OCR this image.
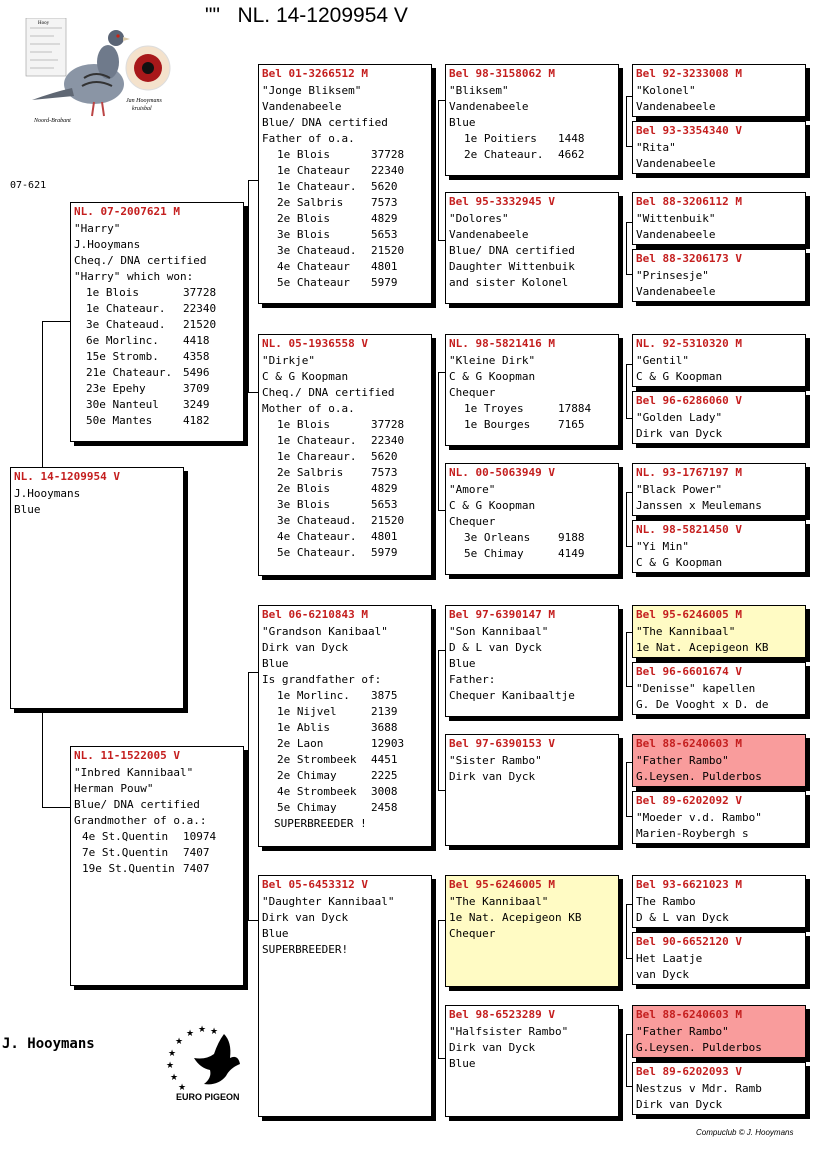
"" NL. 14-1209954 V
07-621
Jan Hooymans
kruisbal
Noord-Brabant
Hooy
NL. 14-1209954 V
J.Hooymans
Blue
NL. 07-2007621 M
"Harry"
J.Hooymans
Cheq./ DNA certified
"Harry" which won:
1e Blois	37728
1e Chateaur. 22340
3e Chateaud. 21520
6e Morlinc. 4418
15e Stromb. 4358
21e Chateaur. 5496
23e Epehy	3709
30e Nanteul 3249
50e Mantes	4182
NL. 11-1522005 V
"Inbred Kannibaal"
Herman Pouw"
Blue/ DNA certified
Grandmother of o.a.:
4e St.Quentin 10974
7e St.Quentin 7407
19e St.Quentin 7407
Bel 01-3266512 M
"Jonge Bliksem"
Vandenabeele
Blue/ DNA certified
Father of o.a.
1e Blois	37728
1e Chateaur 22340
1e Chateaur. 5620
2e Salbris	7573
2e Blois	4829
3e Blois	5653
3e Chateaud. 21520
4e Chateaur 4801
5e Chateaur 5979
NL. 05-1936558 V
"Dirkje"
C & G Koopman
Cheq./ DNA certified
Mother of o.a.
1e Blois	37728
1e Chateaur. 22340
1e Chareaur. 5620
2e Salbris	7573
2e Blois	4829
3e Blois	5653
3e Chateaud. 21520
4e Chateaur. 4801
5e Chateaur. 5979
Bel 06-6210843 M
"Grandson Kanibaal"
Dirk van Dyck
Blue
Is grandfather of:
1e Morlinc. 3875
1e Nijvel	2139
1e Ablis	3688
2e Laon	12903
2e Strombeek 4451
2e Chimay	2225
4e Strombeek 3008
5e Chimay	2458
SUPERBREEDER !
Bel 05-6453312 V
"Daughter Kannibaal"
Dirk van Dyck
Blue
SUPERBREEDER!
Bel 98-3158062 M
"Bliksem"
Vandenabeele
Blue
1e Poitiers 1448
2e Chateaur. 4662
Bel 95-3332945 V
"Dolores"
Vandenabeele
Blue/ DNA certified
Daughter Wittenbuik
and sister Kolonel
NL. 98-5821416 M
"Kleine Dirk"
C & G Koopman
Chequer
1e Troyes	17884
1e Bourges	7165
NL. 00-5063949 V
"Amore"
C & G Koopman
Chequer
3e Orleans	9188
5e Chimay	4149
Bel 97-6390147 M
"Son Kannibaal"
D & L van Dyck
Blue
Father:
Chequer Kanibaaltje
Bel 97-6390153 V
"Sister Rambo"
Dirk van Dyck
Bel 95-6246005 M
"The Kannibaal"
1e Nat. Acepigeon KB
Chequer
Bel 98-6523289 V
"Halfsister Rambo"
Dirk van Dyck
Blue
Bel 92-3233008 M
"Kolonel"
Vandenabeele
Bel 93-3354340 V
"Rita"
Vandenabeele
Bel 88-3206112 M
"Wittenbuik"
Vandenabeele
Bel 88-3206173 V
"Prinsesje"
Vandenabeele
NL. 92-5310320 M
"Gentil"
C & G Koopman
Bel 96-6286060 V
"Golden Lady"
Dirk van Dyck
NL. 93-1767197 M
"Black Power"
Janssen x Meulemans
NL. 98-5821450 V
"Yi Min"
C & G Koopman
Bel 95-6246005 M
"The Kannibaal"
1e Nat. Acepigeon KB
Bel 96-6601674 V
"Denisse" kapellen
G. De Vooght x D. de
Bel 88-6240603 M
"Father Rambo"
G.Leysen. Pulderbos
Bel 89-6202092 V
"Moeder v.d. Rambo"
Marien-Roybergh s
Bel 93-6621023 M
The Rambo
D & L van Dyck
Bel 90-6652120 V
Het Laatje
van Dyck
Bel 88-6240603 M
"Father Rambo"
G.Leysen. Pulderbos
Bel 89-6202093 V
Nestzus v Mdr. Ramb
Dirk van Dyck
J. Hooymans
★ ★ ★
★
★
★
★
★
EURO PIGEON
Compuclub © J. Hooymans
